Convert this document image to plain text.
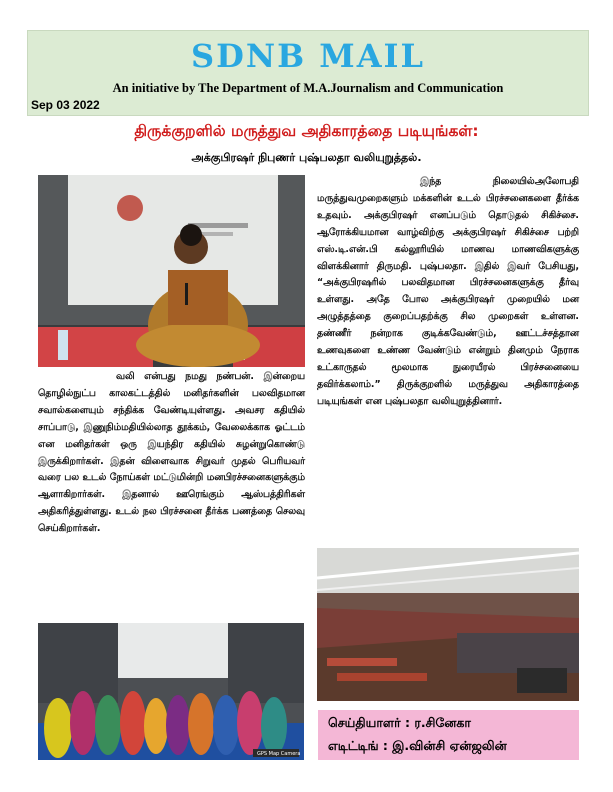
SDNB MAIL
An initiative by The Department of M.A.Journalism and Communication
Sep 03 2022
திருக்குறளில் மருத்துவ அதிகாரத்தை படியுங்கள்:
அக்குபிரஷர் நிபுணர் புஷ்பலதா வலியுறுத்தல்.
GPS Map Camera

இந்த நிலையில்அலோபதி மருத்துவமுறைகளும் மக்களின் உடல் பிரச்சனைகளை தீர்க்க உதவும். அக்குபிரஷர் எனப்படும் தொடுதல் சிகிச்சை. ஆரோக்கியமான வாழ்விற்கு அக்குபிரஷர் சிகிச்சை பற்றி எஸ்.டி.என்.பி கல்லூரியில் மாணவ மாணவிகளுக்கு விளக்கினார் திருமதி. புஷ்பலதா. இதில் இவர் பேசியது, “அக்குபிரஷரில் பலவிதமான பிரச்சனைகளுக்கு தீர்வு உள்ளது. அதே போல அக்குபிரஷர் முறையில் மன அழுத்தத்தை குறைப்பதற்க்கு சில முறைகள் உள்ளன. தண்ணீர் நன்றாக குடிக்கவேண்டும், ஊட்டச்சத்தான உணவுகளை உண்ண வேண்டும் என்றும் தினமும் நேராக உட்காருதல் மூலமாக நுரையீரல் பிரச்சனையை தவிர்க்கலாம்.” திருக்குறளில் மருத்துவ அதிகாரத்தை படியுங்கள் என புஷ்பலதா வலியுறுத்தினார்.

வலி என்பது நமது நண்பன். இன்றைய தொழில்நுட்ப காலகட்டத்தில் மனிதர்களின் பலவிதமான சவால்களையும் சந்திக்க வேண்டியுள்ளது. அவசர கதியில் சாப்பாடு, இணுநிம்மதியில்லாத தூக்கம், வேலைக்காக ஓட்டம் என மனிதர்கள் ஒரு இயந்திர கதியில் சுழன்றுகொண்டு இருக்கிறார்கள். இதன் விளைவாக சிறுவர் முதல் பெரியவர் வரை பல உடல் நோய்கள் மட்டுமின்றி மனபிரச்சனைகளுக்கும் ஆளாகிறார்கள். இதனால் ஊரெங்கும் ஆஸ்பத்திரிகள் அதிகரித்துள்ளது. உடல் நல பிரச்சனை தீர்க்க பணத்தை செலவு செய்கிறார்கள்.

செய்தியாளர் : ர.சினேகா
எடிட்டிங் : இ.வின்சி ஏன்ஜலின்
